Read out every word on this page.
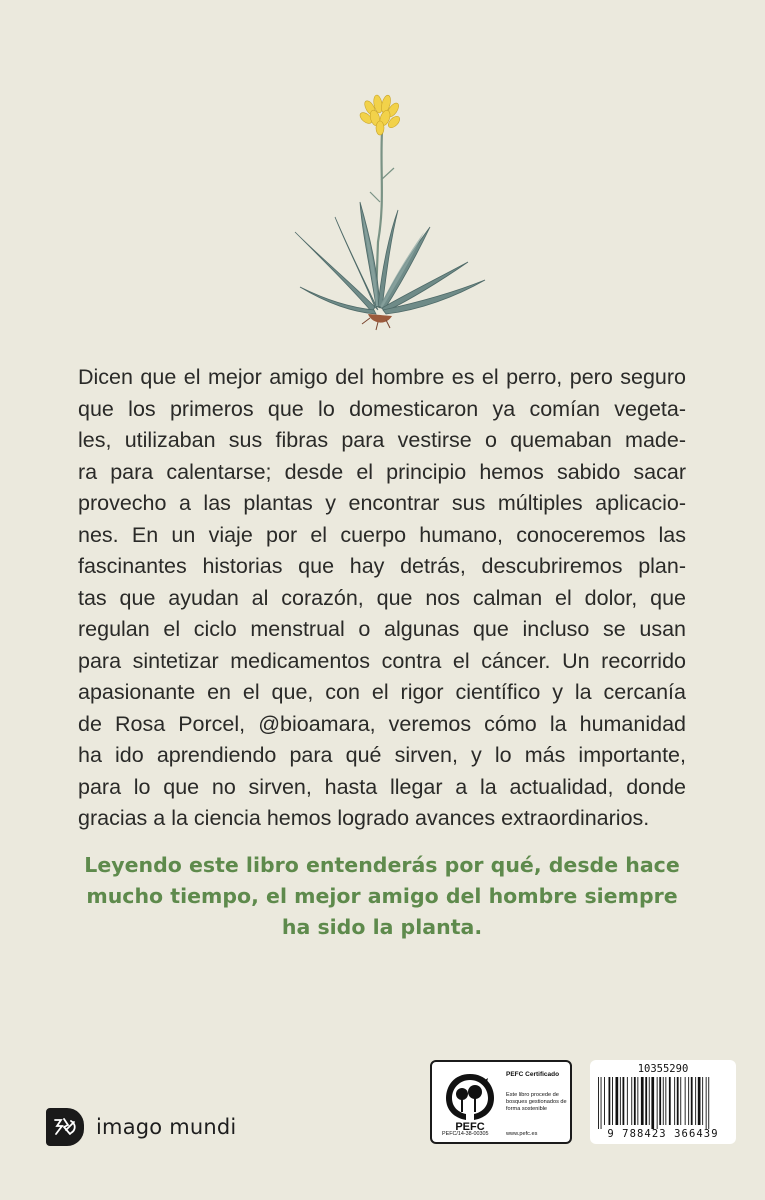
Dicen que el mejor amigo del hombre es el perro, pero seguro
que los primeros que lo domesticaron ya comían vegeta-
les, utilizaban sus fibras para vestirse o quemaban made-
ra para calentarse; desde el principio hemos sabido sacar
provecho a las plantas y encontrar sus múltiples aplicacio-
nes. En un viaje por el cuerpo humano, conoceremos las
fascinantes historias que hay detrás, descubriremos plan-
tas que ayudan al corazón, que nos calman el dolor, que
regulan el ciclo menstrual o algunas que incluso se usan
para sintetizar medicamentos contra el cáncer. Un recorrido
apasionante en el que, con el rigor científico y la cercanía
de Rosa Porcel, @bioamara, veremos cómo la humanidad
ha ido aprendiendo para qué sirven, y lo más importante,
para lo que no sirven, hasta llegar a la actualidad, donde
gracias a la ciencia hemos logrado avances extraordinarios.
Leyendo este libro entenderás por qué, desde hace
mucho tiempo, el mejor amigo del hombre siempre
ha sido la planta.
imago mundi	PEFC
PEFC Certificado
Este libro procede de bosques gestionados de forma sostenible
PEFC/14-38-00305	www.pefc.es
10355290
9 788423 366439
